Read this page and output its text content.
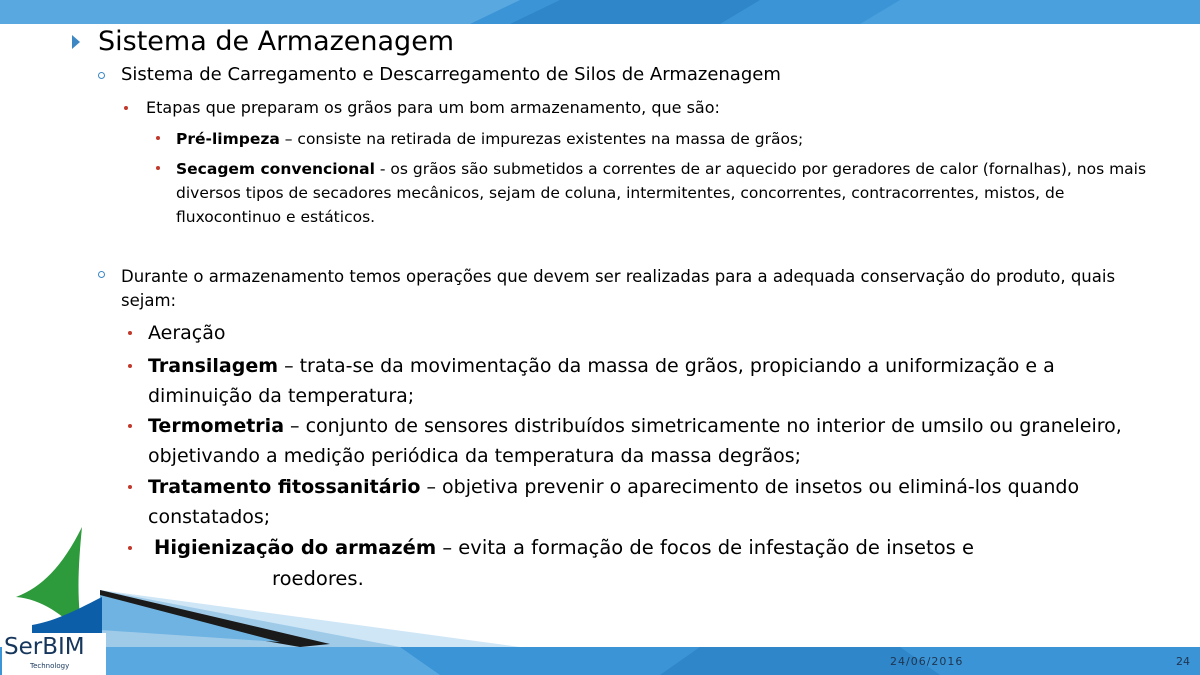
Sistema de Armazenagem
Sistema de Carregamento e Descarregamento de Silos de Armazenagem
Etapas que preparam os grãos para um bom armazenamento, que são:
Pré-limpeza – consiste na retirada de impurezas existentes na massa de grãos;
Secagem convencional - os grãos são submetidos a correntes de ar aquecido por geradores de calor (fornalhas), nos mais diversos tipos de secadores mecânicos, sejam de coluna, intermitentes, concorrentes, contracorrentes, mistos, de fluxocontinuo e estáticos.
Durante o armazenamento temos operações que devem ser realizadas para a adequada conservação do produto, quais sejam:
Aeração
Transilagem – trata-se da movimentação da massa de grãos, propiciando a uniformização e a diminuição da temperatura;
Termometria – conjunto de sensores distribuídos simetricamente no interior de umsilo ou graneleiro, objetivando a medição periódica da temperatura da massa degrãos;
Tratamento fitossanitário – objetiva prevenir o aparecimento de insetos ou eliminá-los quando constatados;
Higienização do armazém – evita a formação de focos de infestação de insetos e
roedores.
SerBIM
Technology	24/06/2016	24
